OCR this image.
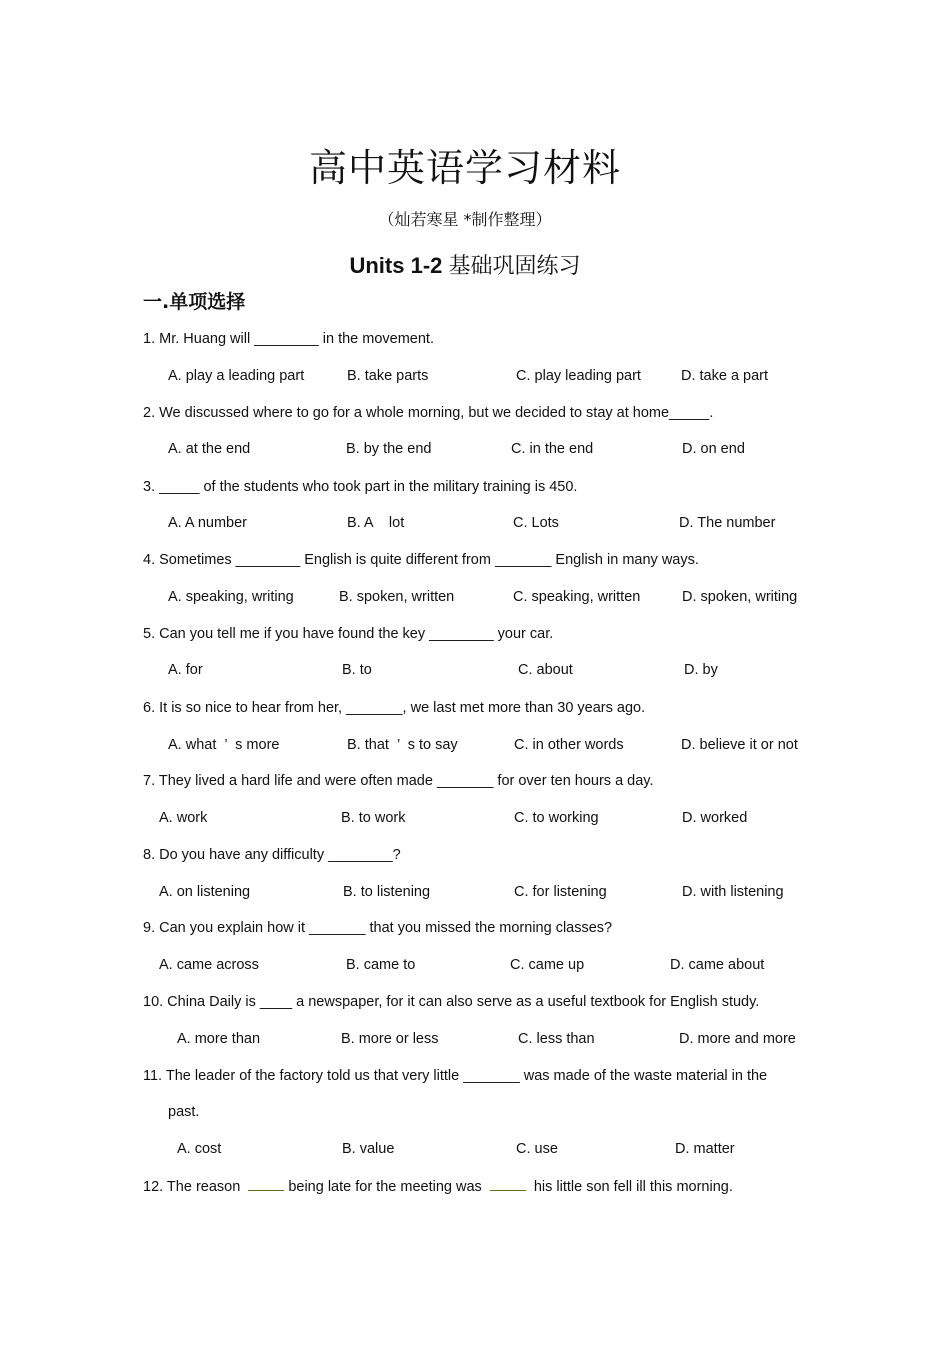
高中英语学习材料

（灿若寒星 *制作整理）

Units 1-2 基础巩固练习
一.单项选择

1. Mr. Huang will ________ in the movement.

A. play a leading part	B. take parts	C. play leading part	D. take a part

2. We discussed where to go for a whole morning, but we decided to stay at home_____.

A. at the end	B. by the end	C. in the end	D. on end

3. _____ of the students who took part in the military training is 450.

A. A number	B. A    lot	C. Lots	D. The number

4. Sometimes ________ English is quite different from _______ English in many ways.

A. speaking, writing	B. spoken, written	C. speaking, written	D. spoken, writing

5. Can you tell me if you have found the key ________ your car.

A. for	B. to	C. about	D. by

6. It is so nice to hear from her, _______, we last met more than 30 years ago.

A. what  ’  s more	B. that  ’  s to say	C. in other words	D. believe it or not

7. They lived a hard life and were often made _______ for over ten hours a day.

A. work	B. to work	C. to working	D. worked

8. Do you have any difficulty ________?

A. on listening	B. to listening	C. for listening	D. with listening

9. Can you explain how it _______ that you missed the morning classes?

A. came across	B. came to	C. came up	D. came about

10. China Daily is ____ a newspaper, for it can also serve as a useful textbook for English study.

A. more than	B. more or less	C. less than	D. more and more

11. The leader of the factory told us that very little _______ was made of the waste material in the

past.
A. cost	B. value	C. use	D. matter

12. The reason	being late for the meeting was	his little son fell ill this morning.
